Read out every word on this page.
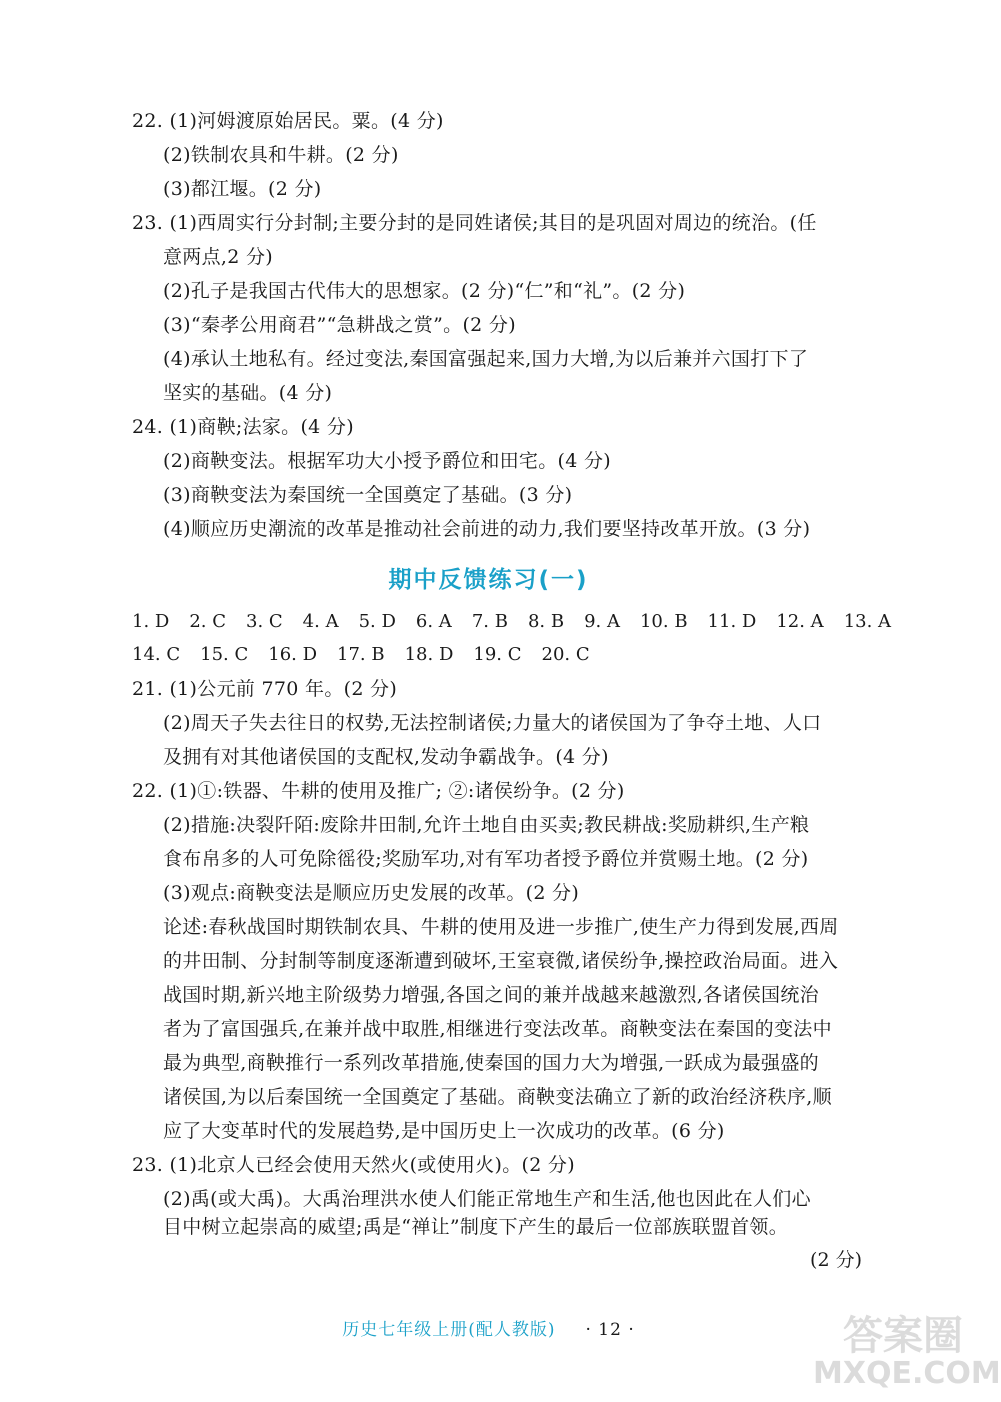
22. (1)河姆渡原始居民。粟。(4 分)
(2)铁制农具和牛耕。(2 分)
(3)都江堰。(2 分)
23. (1)西周实行分封制;主要分封的是同姓诸侯;其目的是巩固对周边的统治。(任
意两点,2 分)
(2)孔子是我国古代伟大的思想家。(2 分)“仁”和“礼”。(2 分)
(3)“秦孝公用商君”“急耕战之赏”。(2 分)
(4)承认土地私有。经过变法,秦国富强起来,国力大增,为以后兼并六国打下了
坚实的基础。(4 分)
24. (1)商鞅;法家。(4 分)
(2)商鞅变法。根据军功大小授予爵位和田宅。(4 分)
(3)商鞅变法为秦国统一全国奠定了基础。(3 分)
(4)顺应历史潮流的改革是推动社会前进的动力,我们要坚持改革开放。(3 分)
期中反馈练习(一)
1. D 2. C 3. C 4. A 5. D 6. A 7. B 8. B 9. A 10. B 11. D 12. A 13. A
14. C 15. C 16. D 17. B 18. D 19. C 20. C
21. (1)公元前 770 年。(2 分)
(2)周天子失去往日的权势,无法控制诸侯;力量大的诸侯国为了争夺土地、人口
及拥有对其他诸侯国的支配权,发动争霸战争。(4 分)
22. (1)①:铁器、牛耕的使用及推广; ②:诸侯纷争。(2 分)
(2)措施:决裂阡陌:废除井田制,允许土地自由买卖;教民耕战:奖励耕织,生产粮
食布帛多的人可免除徭役;奖励军功,对有军功者授予爵位并赏赐土地。(2 分)
(3)观点:商鞅变法是顺应历史发展的改革。(2 分)
论述:春秋战国时期铁制农具、牛耕的使用及进一步推广,使生产力得到发展,西周
的井田制、分封制等制度逐渐遭到破坏,王室衰微,诸侯纷争,操控政治局面。进入
战国时期,新兴地主阶级势力增强,各国之间的兼并战越来越激烈,各诸侯国统治
者为了富国强兵,在兼并战中取胜,相继进行变法改革。商鞅变法在秦国的变法中
最为典型,商鞅推行一系列改革措施,使秦国的国力大为增强,一跃成为最强盛的
诸侯国,为以后秦国统一全国奠定了基础。商鞅变法确立了新的政治经济秩序,顺
应了大变革时代的发展趋势,是中国历史上一次成功的改革。(6 分)
23. (1)北京人已经会使用天然火(或使用火)。(2 分)
(2)禹(或大禹)。大禹治理洪水使人们能正常地生产和生活,他也因此在人们心
目中树立起崇高的威望;禹是“禅让”制度下产生的最后一位部族联盟首领。
(2 分)
历史七年级上册(配人教版) · 12 ·	答案圈
MXQE.COM
